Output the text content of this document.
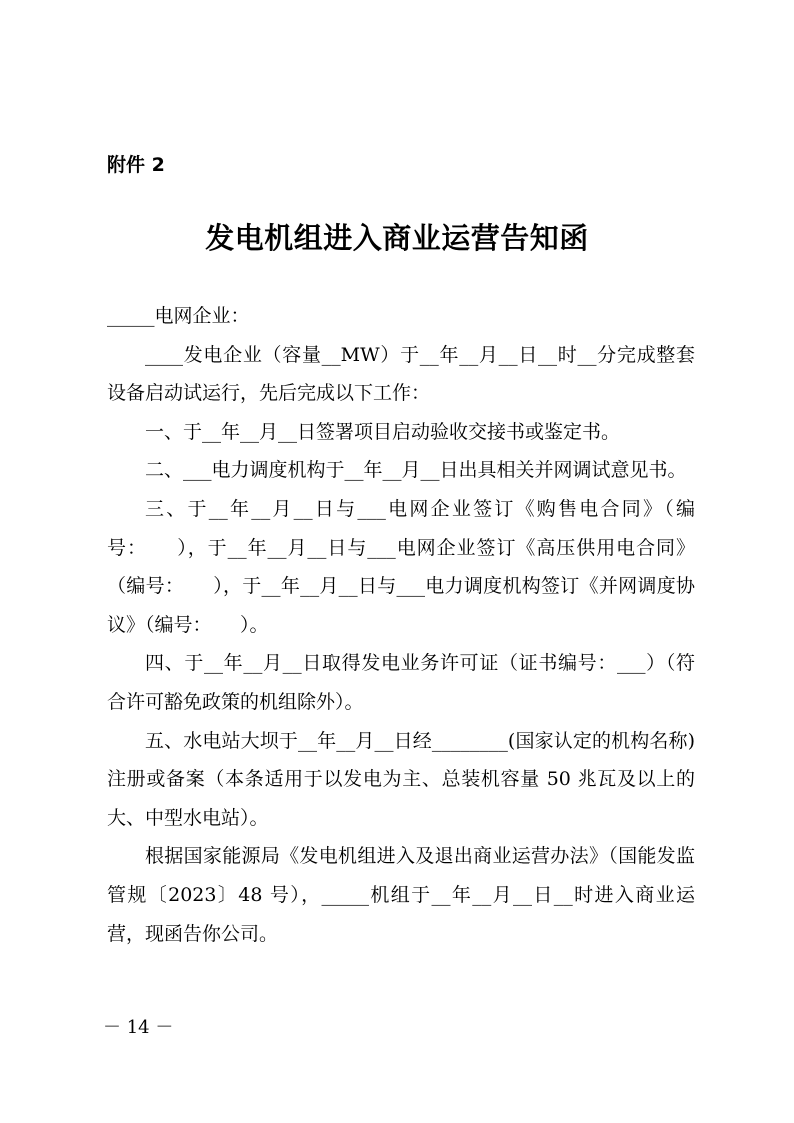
附件 2
发电机组进入商业运营告知函

_____电网企业：

____发电企业（容量__MW）于__年__月__日__时__分完成整套设备启动试运行，先后完成以下工作：

一、于__年__月__日签署项目启动验收交接书或鉴定书。

二、___电力调度机构于__年__月__日出具相关并网调试意见书。

三、于__年__月__日与___电网企业签订《购售电合同》（编号：　　），于__年__月__日与___电网企业签订《高压供用电合同》（编号：　　），于__年__月__日与___电力调度机构签订《并网调度协议》（编号：　　）。

四、于__年__月__日取得发电业务许可证（证书编号：___）（符合许可豁免政策的机组除外）。

五、水电站大坝于__年__月__日经________(国家认定的机构名称)注册或备案（本条适用于以发电为主、总装机容量 50 兆瓦及以上的大、中型水电站）。

根据国家能源局《发电机组进入及退出商业运营办法》（国能发监管规〔2023〕48 号），_____机组于__年__月__日__时进入商业运营，现函告你公司。

－ 14 －
